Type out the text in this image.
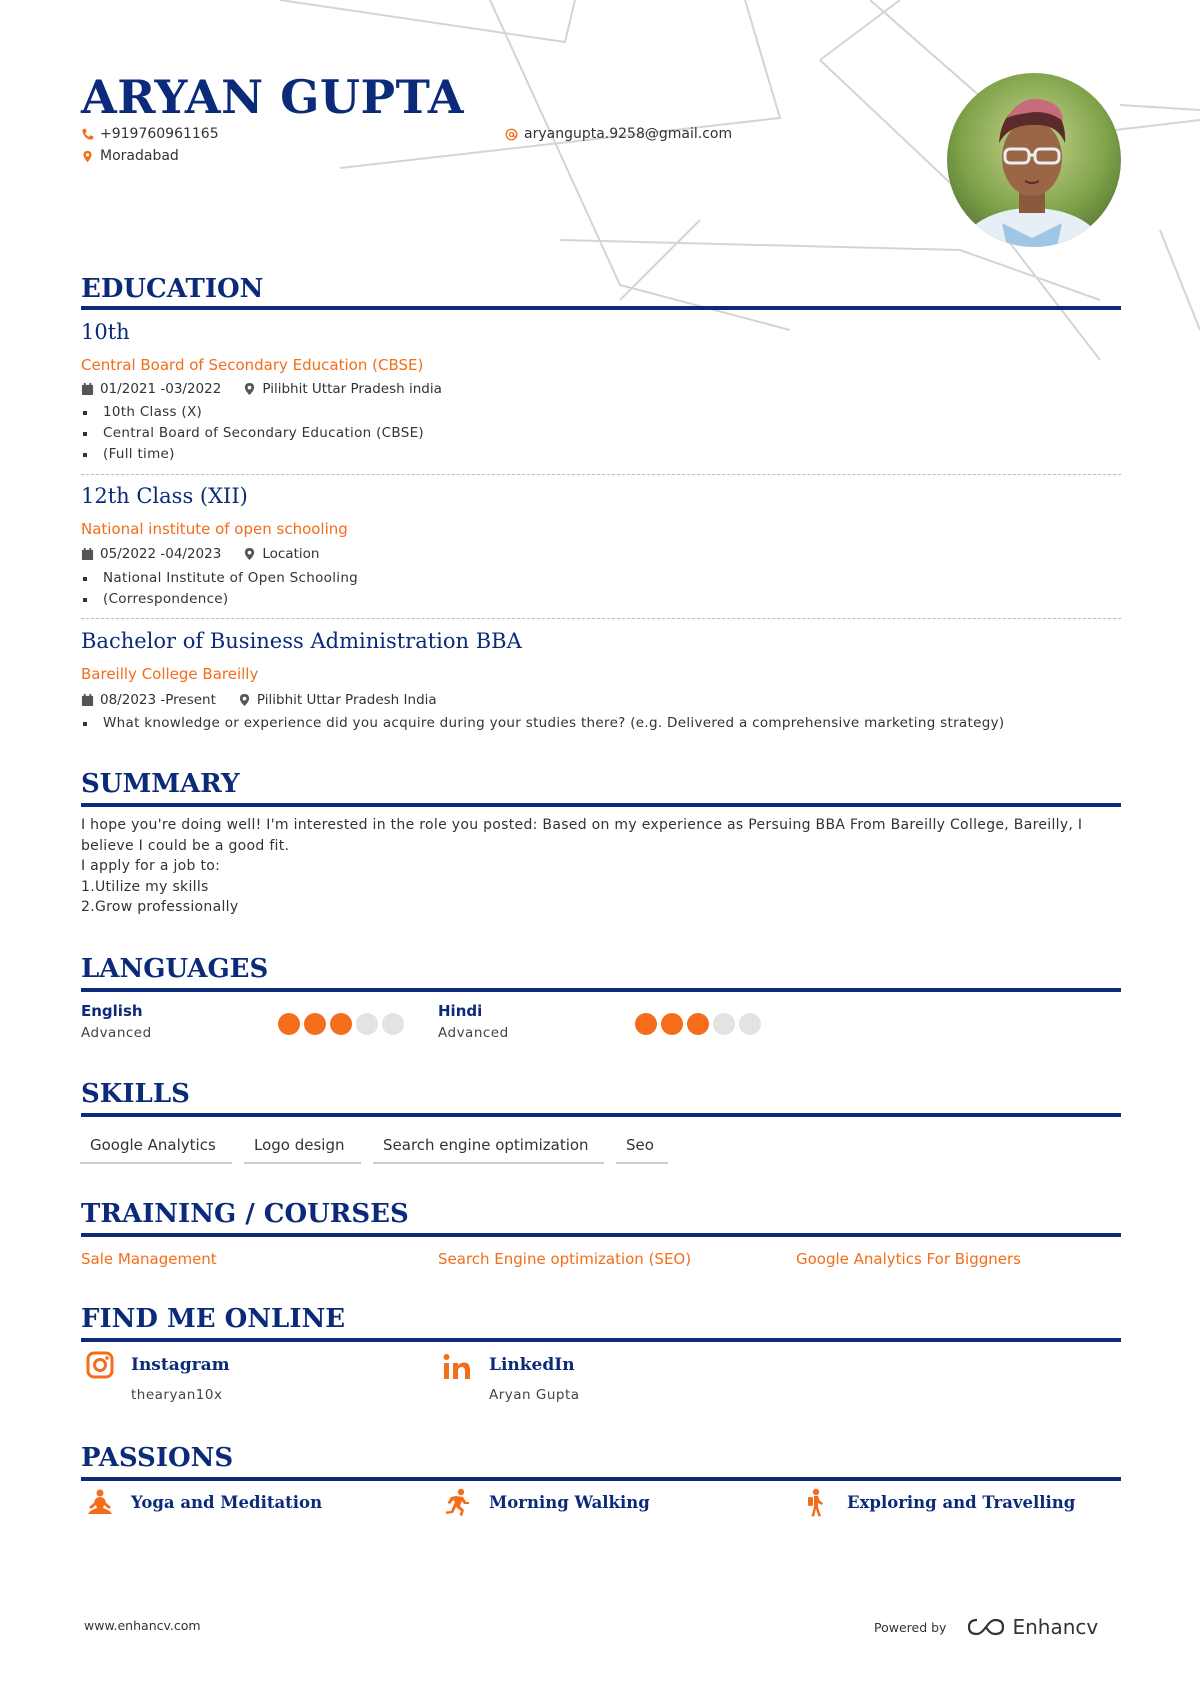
ARYAN GUPTA
+919760961165	aryangupta.9258@gmail.com
Moradabad
EDUCATION
10th
Central Board of Secondary Education (CBSE)
01/2021 -03/2022	Pilibhit Uttar Pradesh india
10th Class (X)
Central Board of Secondary Education (CBSE)
(Full time)
12th Class (XII)
National institute of open schooling
05/2022 -04/2023	Location
National Institute of Open Schooling
(Correspondence)
Bachelor of Business Administration BBA
Bareilly College Bareilly
08/2023 -Present	Pilibhit Uttar Pradesh India
What knowledge or experience did you acquire during your studies there? (e.g. Delivered a comprehensive marketing strategy)
SUMMARY

I hope you're doing well! I'm interested in the role you posted: Based on my experience as Persuing BBA From Bareilly College, Bareilly, I believe I could be a good fit.

I apply for a job to:

1.Utilize my skills

2.Grow professionally

LANGUAGES
English
Advanced
Hindi
Advanced
SKILLS
Google Analytics	Logo design	Search engine optimization	Seo
TRAINING / COURSES
Sale Management	Search Engine optimization (SEO)	Google Analytics For Biggners
FIND ME ONLINE
Instagram
thearyan10x
LinkedIn
Aryan Gupta
PASSIONS
Yoga and Meditation	Morning Walking	Exploring and Travelling
www.enhancv.com	Powered by	Enhancv
